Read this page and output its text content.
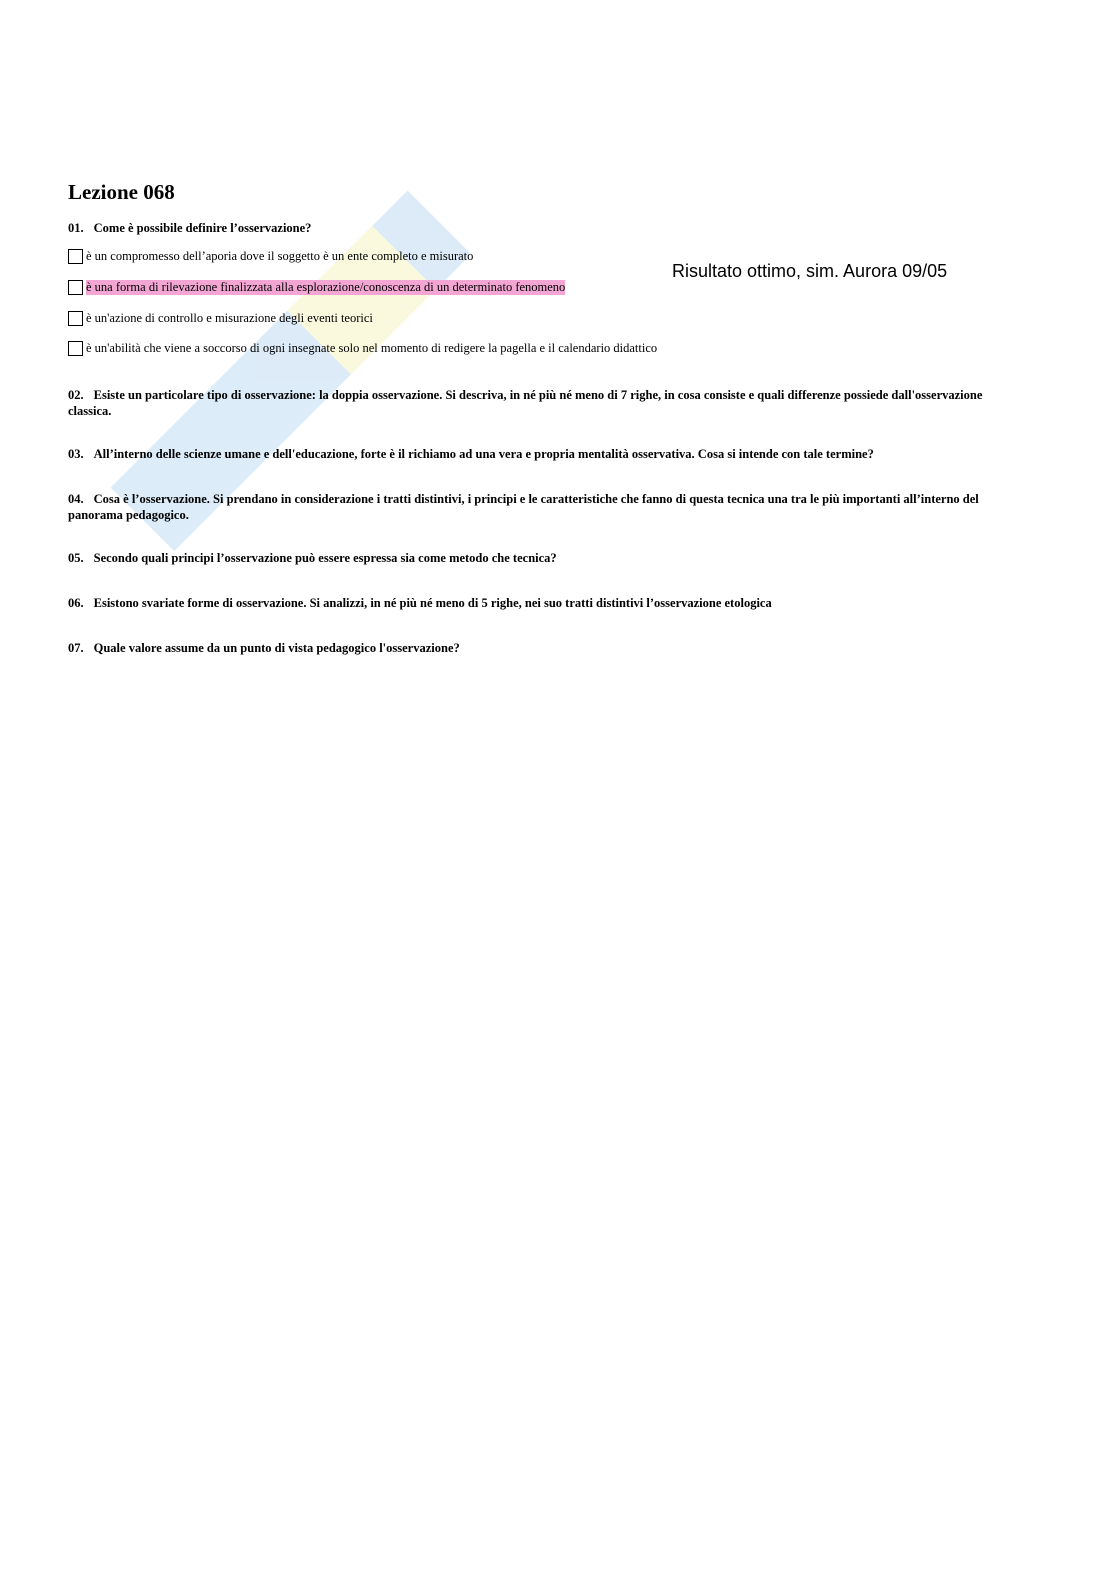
Lezione 068
Risultato ottimo, sim. Aurora 09/05
01. Come è possibile definire l’osservazione?
è un compromesso dell’aporia dove il soggetto è un ente completo e misurato
è una forma di rilevazione finalizzata alla esplorazione/conoscenza di un determinato fenomeno
è un'azione di controllo e misurazione degli eventi teorici
è un'abilità che viene a soccorso di ogni insegnate solo nel momento di redigere la pagella e il calendario didattico
02. Esiste un particolare tipo di osservazione: la doppia osservazione. Si descriva, in né più né meno di 7 righe, in cosa consiste e quali differenze possiede dall'osservazione classica.
03. All’interno delle scienze umane e dell'educazione, forte è il richiamo ad una vera e propria mentalità osservativa. Cosa si intende con tale termine?
04. Cosa è l’osservazione. Si prendano in considerazione i tratti distintivi, i principi e le caratteristiche che fanno di questa tecnica una tra le più importanti all’interno del panorama pedagogico.
05. Secondo quali principi l’osservazione può essere espressa sia come metodo che tecnica?
06. Esistono svariate forme di osservazione. Si analizzi, in né più né meno di 5 righe, nei suo tratti distintivi l’osservazione etologica
07. Quale valore assume da un punto di vista pedagogico l'osservazione?
